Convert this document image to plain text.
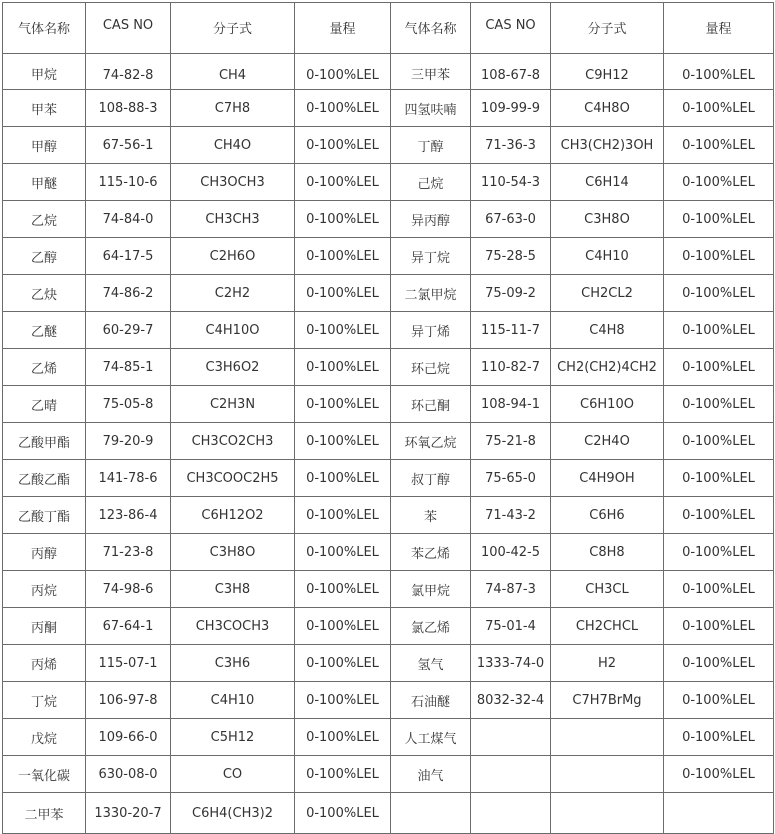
气体名称	CAS NO	分子式	量程	气体名称	CAS NO	分子式	量程
甲烷	74-82-8	CH4	0-100%LEL	三甲苯	108-67-8	C9H12	0-100%LEL
甲苯	108-88-3	C7H8	0-100%LEL	四氢呋喃	109-99-9	C4H8O	0-100%LEL
甲醇	67-56-1	CH4O	0-100%LEL	丁醇	71-36-3	CH3(CH2)3OH	0-100%LEL
甲醚	115-10-6	CH3OCH3	0-100%LEL	己烷	110-54-3	C6H14	0-100%LEL
乙烷	74-84-0	CH3CH3	0-100%LEL	异丙醇	67-63-0	C3H8O	0-100%LEL
乙醇	64-17-5	C2H6O	0-100%LEL	异丁烷	75-28-5	C4H10	0-100%LEL
乙炔	74-86-2	C2H2	0-100%LEL	二氯甲烷	75-09-2	CH2CL2	0-100%LEL
乙醚	60-29-7	C4H10O	0-100%LEL	异丁烯	115-11-7	C4H8	0-100%LEL
乙烯	74-85-1	C3H6O2	0-100%LEL	环己烷	110-82-7	CH2(CH2)4CH2	0-100%LEL
乙晴	75-05-8	C2H3N	0-100%LEL	环己酮	108-94-1	C6H10O	0-100%LEL
乙酸甲酯	79-20-9	CH3CO2CH3	0-100%LEL	环氧乙烷	75-21-8	C2H4O	0-100%LEL
乙酸乙酯	141-78-6	CH3COOC2H5	0-100%LEL	叔丁醇	75-65-0	C4H9OH	0-100%LEL
乙酸丁酯	123-86-4	C6H12O2	0-100%LEL	苯	71-43-2	C6H6	0-100%LEL
丙醇	71-23-8	C3H8O	0-100%LEL	苯乙烯	100-42-5	C8H8	0-100%LEL
丙烷	74-98-6	C3H8	0-100%LEL	氯甲烷	74-87-3	CH3CL	0-100%LEL
丙酮	67-64-1	CH3COCH3	0-100%LEL	氯乙烯	75-01-4	CH2CHCL	0-100%LEL
丙烯	115-07-1	C3H6	0-100%LEL	氢气	1333-74-0	H2	0-100%LEL
丁烷	106-97-8	C4H10	0-100%LEL	石油醚	8032-32-4	C7H7BrMg	0-100%LEL
戊烷	109-66-0	C5H12	0-100%LEL	人工煤气			0-100%LEL
一氧化碳	630-08-0	CO	0-100%LEL	油气			0-100%LEL
二甲苯	1330-20-7	C6H4(CH3)2	0-100%LEL				
